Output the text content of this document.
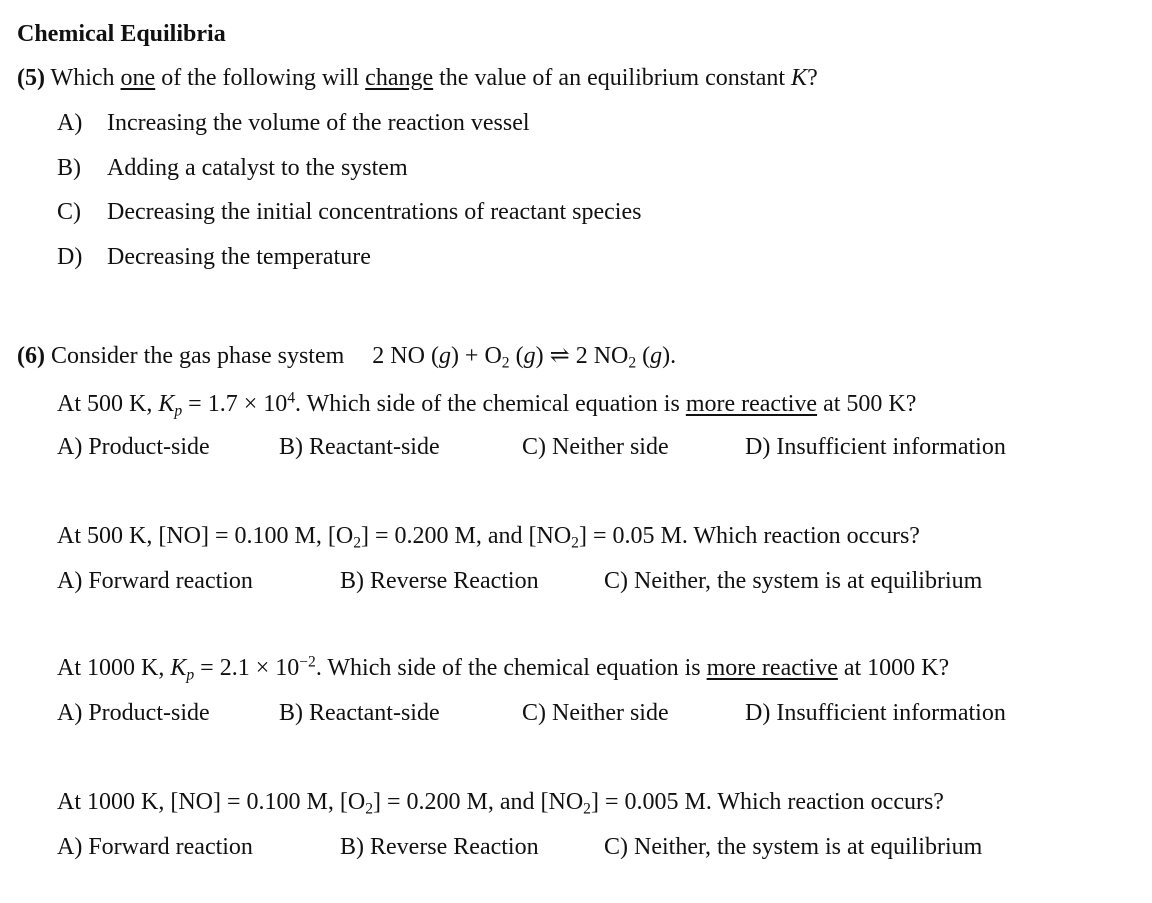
Chemical Equilibria
(5) Which one of the following will change the value of an equilibrium constant K?
A) Increasing the volume of the reaction vessel
B) Adding a catalyst to the system
C) Decreasing the initial concentrations of reactant species
D) Decreasing the temperature
(6) Consider the gas phase system 2 NO $(g) + O_2$ (g) ⇌ 2 $NO_2$ (g).
At 500 K, $K_p = 1.7 \times 10^4$. Which side of the chemical equation is more reactive at 500 K?
A) Product-side	B) Reactant-side	C) Neither side	D) Insufficient information
At 500 K, [NO] = 0.100 M, $[O_2] = 0.200$ M, and $[NO_2] = 0.05$ M. Which reaction occurs?
A) Forward reaction	B) Reverse Reaction	C) Neither, the system is at equilibrium
At 1000 K, $K_p = 2.1 \times 10^{-2}$. Which side of the chemical equation is more reactive at 1000 K?
A) Product-side	B) Reactant-side	C) Neither side	D) Insufficient information
At 1000 K, [NO] = 0.100 M, $[O_2] = 0.200$ M, and $[NO_2] = 0.005$ M. Which reaction occurs?
A) Forward reaction	B) Reverse Reaction	C) Neither, the system is at equilibrium
